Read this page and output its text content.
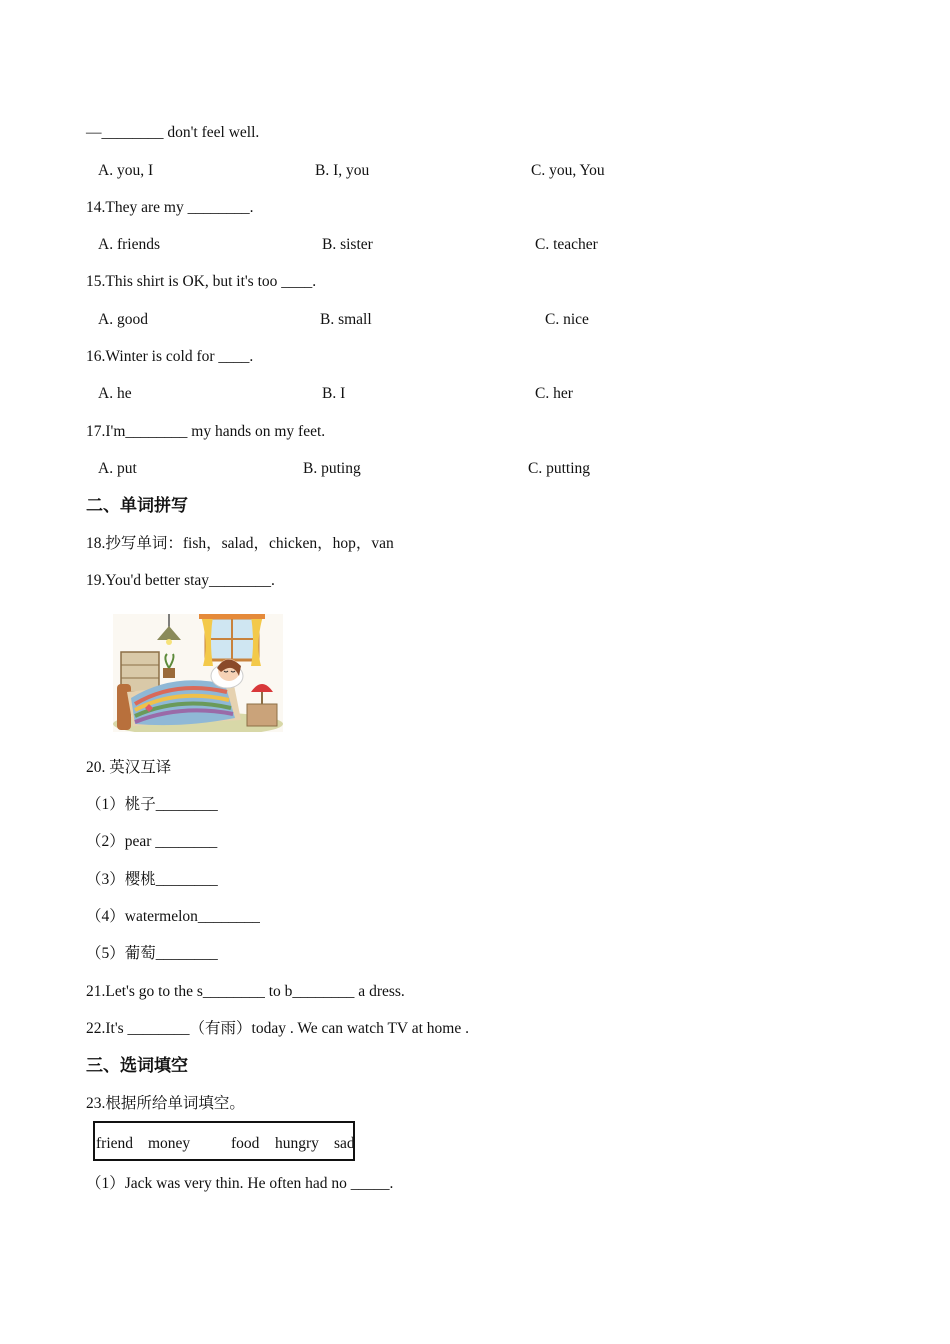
—________ don't feel well.
A. you, I	B. I, you	C. you, You
14.They are my ________.
A. friends	B. sister	C. teacher
15.This shirt is OK, but it's too ____.
A. good	B. small	C. nice
16.Winter is cold for ____.
A. he	B. I	C. her
17.I'm________ my hands on my feet.
A. put	B. puting	C. putting
二、单词拼写
18.抄写单词：fish，salad，chicken，hop，van
19.You'd better stay________.
20. 英汉互译
（1）桃子________
（2）pear ________
（3）樱桃________
（4）watermelon________
（5）葡萄________
21.Let's go to the s________ to b________ a dress.
22.It's ________（有雨）today . We can watch TV at home .
三、选词填空
23.根据所给单词填空。
friend money	food hungry sad
（1）Jack was very thin. He often had no _____.
